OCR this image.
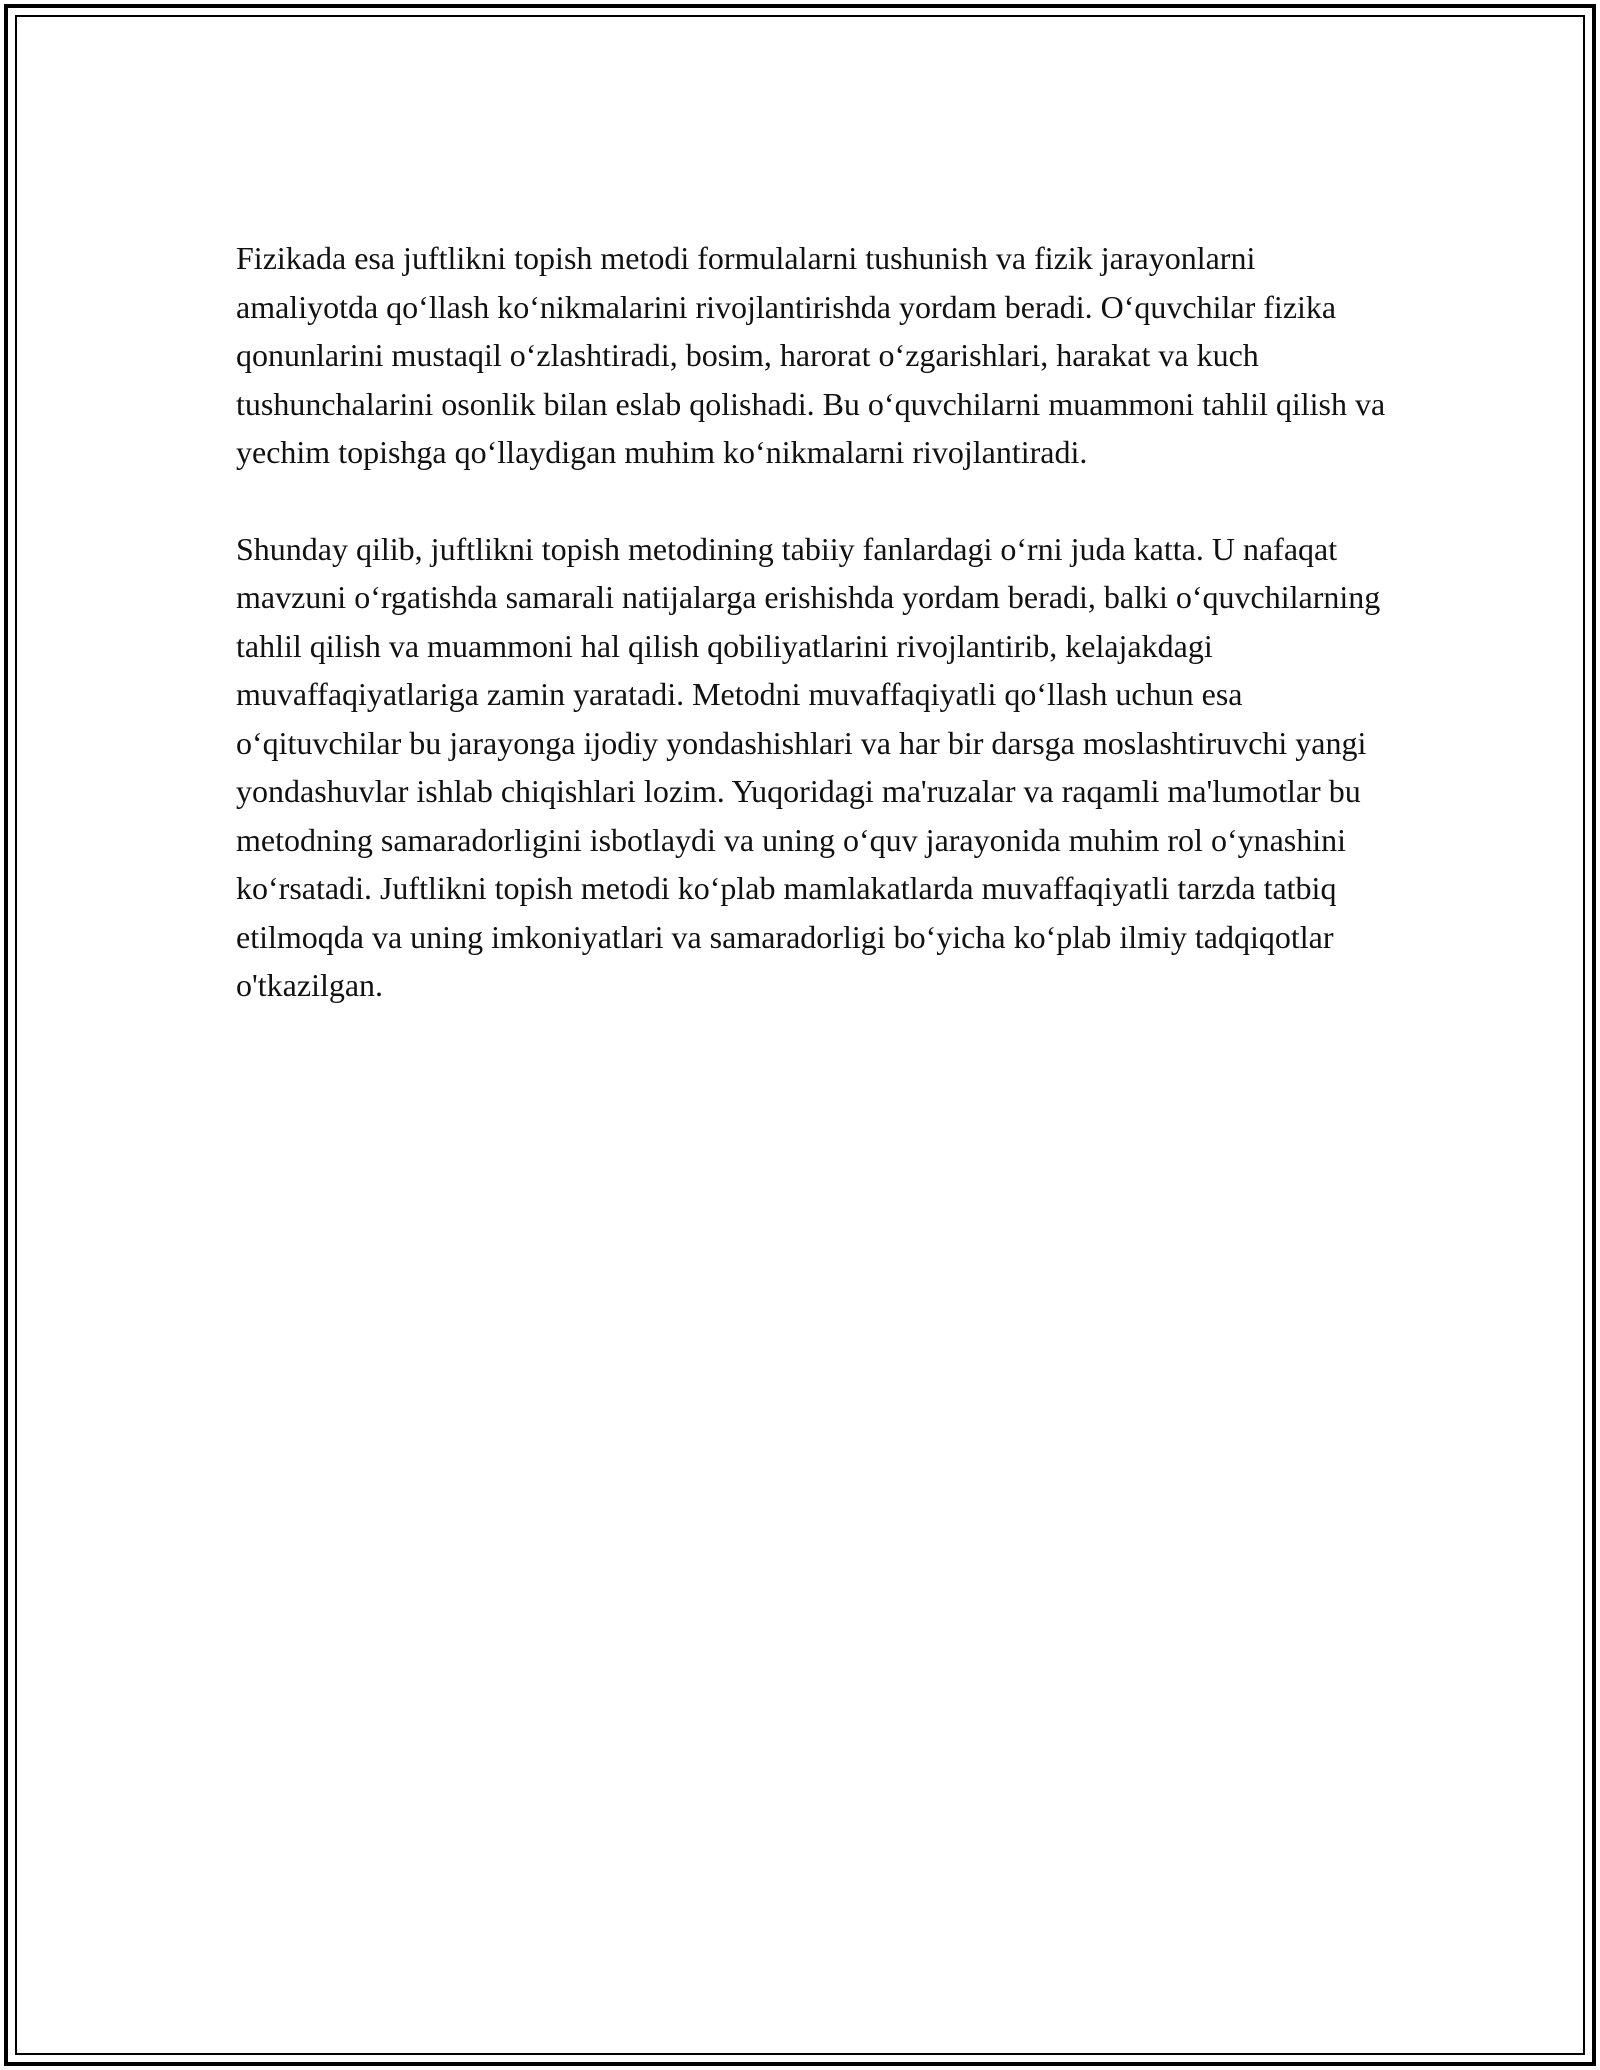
Fizikada esa juftlikni topish metodi formulalarni tushunish va fizik jarayonlarni amaliyotda qo‘llash ko‘nikmalarini rivojlantirishda yordam beradi. O‘quvchilar fizika qonunlarini mustaqil o‘zlashtiradi, bosim, harorat o‘zgarishlari, harakat va kuch tushunchalarini osonlik bilan eslab qolishadi. Bu o‘quvchilarni muammoni tahlil qilish va yechim topishga qo‘llaydigan muhim ko‘nikmalarni rivojlantiradi.

Shunday qilib, juftlikni topish metodining tabiiy fanlardagi o‘rni juda katta. U nafaqat mavzuni o‘rgatishda samarali natijalarga erishishda yordam beradi, balki o‘quvchilarning tahlil qilish va muammoni hal qilish qobiliyatlarini rivojlantirib, kelajakdagi muvaffaqiyatlariga zamin yaratadi. Metodni muvaffaqiyatli qo‘llash uchun esa o‘qituvchilar bu jarayonga ijodiy yondashishlari va har bir darsga moslashtiruvchi yangi yondashuvlar ishlab chiqishlari lozim. Yuqoridagi ma'ruzalar va raqamli ma'lumotlar bu metodning samaradorligini isbotlaydi va uning o‘quv jarayonida muhim rol o‘ynashini ko‘rsatadi. Juftlikni topish metodi ko‘plab mamlakatlarda muvaffaqiyatli tarzda tatbiq etilmoqda va uning imkoniyatlari va samaradorligi bo‘yicha ko‘plab ilmiy tadqiqotlar o'tkazilgan.
